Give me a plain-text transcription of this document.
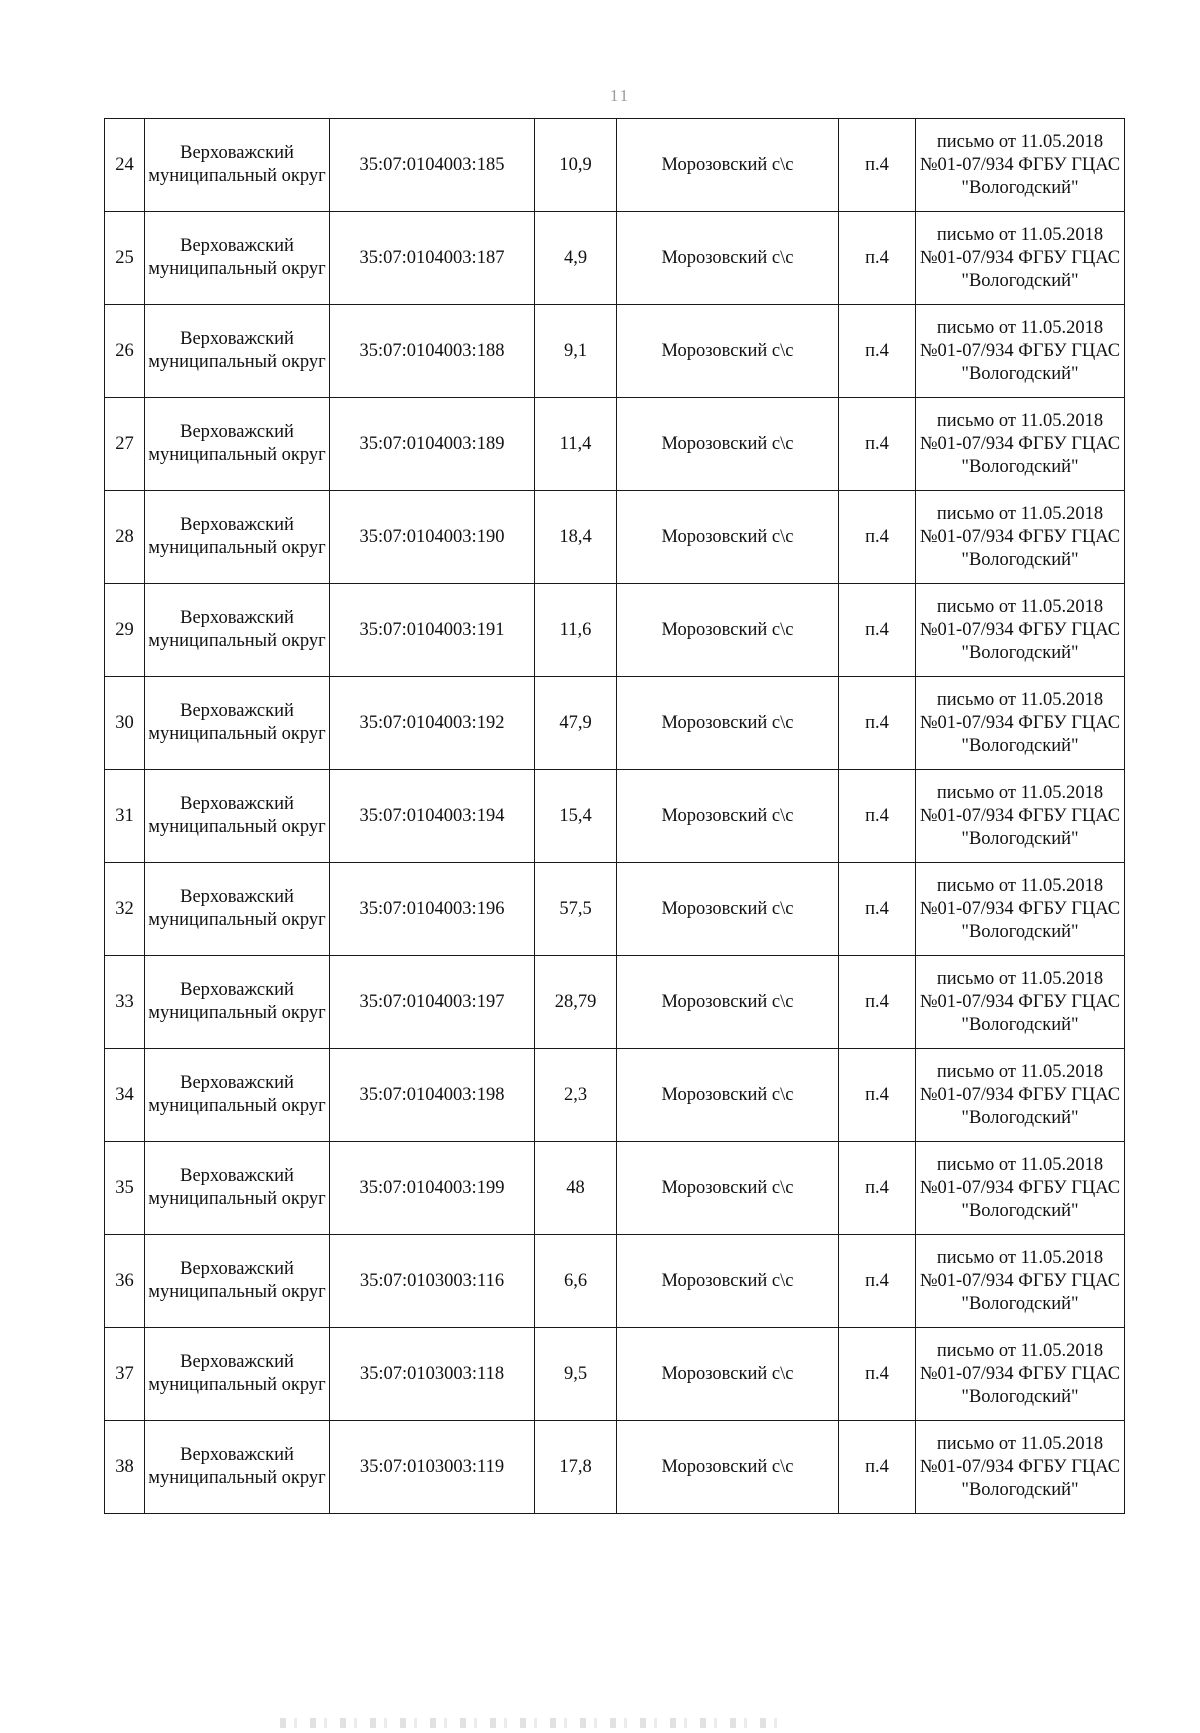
11
24	Верховажский муниципальный округ	35:07:0104003:185	10,9	Морозовский с\с	п.4	письмо от 11.05.2018 №01-07/934 ФГБУ ГЦАС "Вологодский"
25	Верховажский муниципальный округ	35:07:0104003:187	4,9	Морозовский с\с	п.4	письмо от 11.05.2018 №01-07/934 ФГБУ ГЦАС "Вологодский"
26	Верховажский муниципальный округ	35:07:0104003:188	9,1	Морозовский с\с	п.4	письмо от 11.05.2018 №01-07/934 ФГБУ ГЦАС "Вологодский"
27	Верховажский муниципальный округ	35:07:0104003:189	11,4	Морозовский с\с	п.4	письмо от 11.05.2018 №01-07/934 ФГБУ ГЦАС "Вологодский"
28	Верховажский муниципальный округ	35:07:0104003:190	18,4	Морозовский с\с	п.4	письмо от 11.05.2018 №01-07/934 ФГБУ ГЦАС "Вологодский"
29	Верховажский муниципальный округ	35:07:0104003:191	11,6	Морозовский с\с	п.4	письмо от 11.05.2018 №01-07/934 ФГБУ ГЦАС "Вологодский"
30	Верховажский муниципальный округ	35:07:0104003:192	47,9	Морозовский с\с	п.4	письмо от 11.05.2018 №01-07/934 ФГБУ ГЦАС "Вологодский"
31	Верховажский муниципальный округ	35:07:0104003:194	15,4	Морозовский с\с	п.4	письмо от 11.05.2018 №01-07/934 ФГБУ ГЦАС "Вологодский"
32	Верховажский муниципальный округ	35:07:0104003:196	57,5	Морозовский с\с	п.4	письмо от 11.05.2018 №01-07/934 ФГБУ ГЦАС "Вологодский"
33	Верховажский муниципальный округ	35:07:0104003:197	28,79	Морозовский с\с	п.4	письмо от 11.05.2018 №01-07/934 ФГБУ ГЦАС "Вологодский"
34	Верховажский муниципальный округ	35:07:0104003:198	2,3	Морозовский с\с	п.4	письмо от 11.05.2018 №01-07/934 ФГБУ ГЦАС "Вологодский"
35	Верховажский муниципальный округ	35:07:0104003:199	48	Морозовский с\с	п.4	письмо от 11.05.2018 №01-07/934 ФГБУ ГЦАС "Вологодский"
36	Верховажский муниципальный округ	35:07:0103003:116	6,6	Морозовский с\с	п.4	письмо от 11.05.2018 №01-07/934 ФГБУ ГЦАС "Вологодский"
37	Верховажский муниципальный округ	35:07:0103003:118	9,5	Морозовский с\с	п.4	письмо от 11.05.2018 №01-07/934 ФГБУ ГЦАС "Вологодский"
38	Верховажский муниципальный округ	35:07:0103003:119	17,8	Морозовский с\с	п.4	письмо от 11.05.2018 №01-07/934 ФГБУ ГЦАС "Вологодский"
